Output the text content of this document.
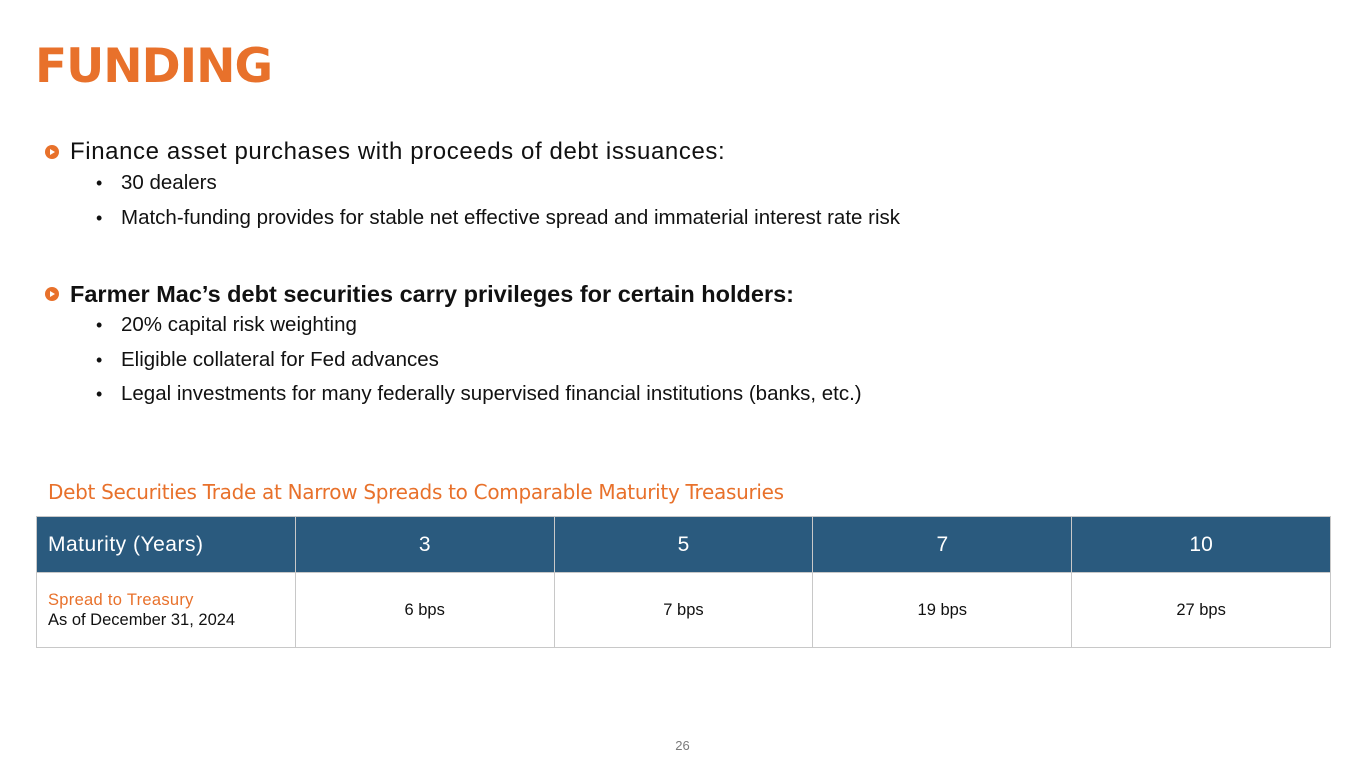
FUNDING
Finance asset purchases with proceeds of debt issuances:
• 30 dealers
• Match-funding provides for stable net effective spread and immaterial interest rate risk
Farmer Mac’s debt securities carry privileges for certain holders:
• 20% capital risk weighting
• Eligible collateral for Fed advances
• Legal investments for many federally supervised financial institutions (banks, etc.)
Debt Securities Trade at Narrow Spreads to Comparable Maturity Treasuries
Maturity (Years)	3	5	7	10

Spread to Treasury
As of December 31, 2024	6 bps	7 bps	19 bps	27 bps
26
